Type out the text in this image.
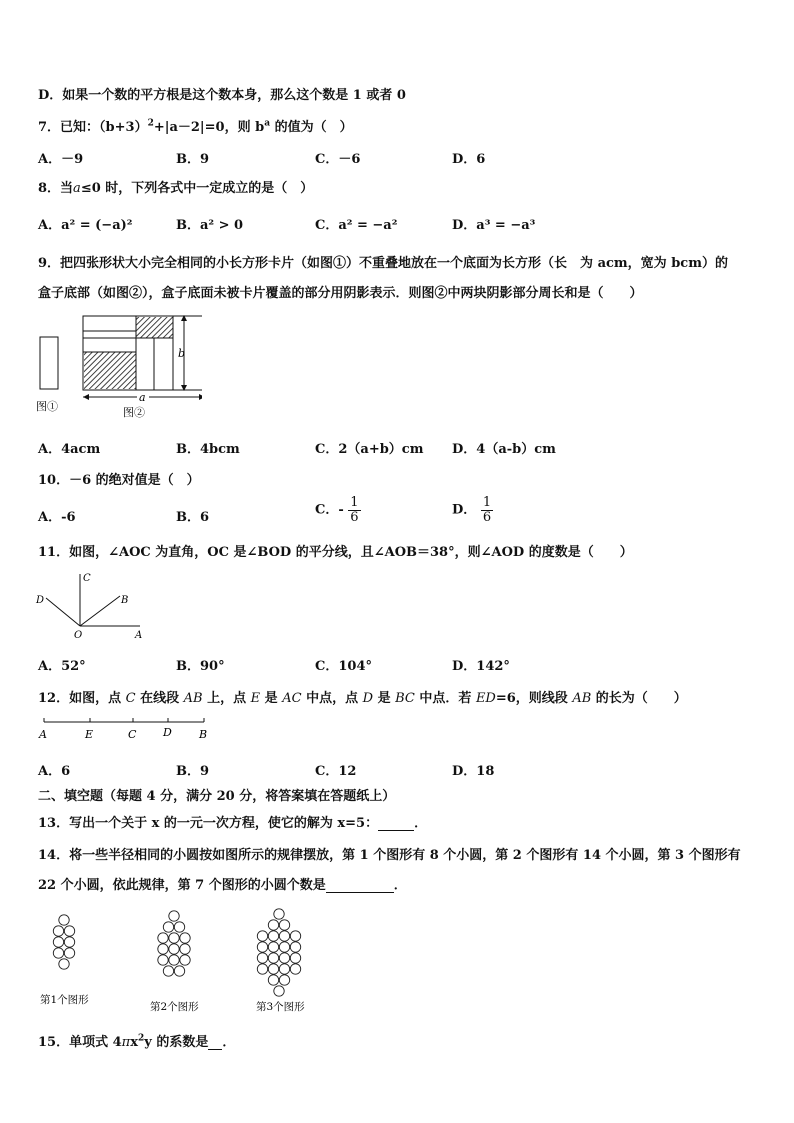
D．如果一个数的平方根是这个数本身，那么这个数是 1 或者 0
7．已知：$(b+3)^2+|a-2|=0$，则 $b^a$ 的值为（　）
A．－9	B．9	C．－6	D．6
8．当a≤0 时，下列各式中一定成立的是（　）
A．a² = (−a)²	B．a² > 0	C．a² = −a²	D．a³ = −a³
9．把四张形状大小完全相同的小长方形卡片（如图①）不重叠地放在一个底面为长方形（长　为 acm，宽为 bcm）的
盒子底部（如图②），盒子底面未被卡片覆盖的部分用阴影表示．则图②中两块阴影部分周长和是（　　）
b
a
图①	图②
A．4acm	B．4bcm	C．2（a+b）cm D．4（a-b）cm
10．－6 的绝对值是（　）
A．-6	B．6	C．- $\frac{1}{6}$	D． $\frac{1}{6}$
11．如图，∠AOC 为直角，OC 是∠BOD 的平分线，且∠AOB＝38°，则∠AOD 的度数是（　　）
C
D	B
O	A
A．52°	B．90°	C．104°	D．142°
12．如图，点 C 在线段 AB 上，点 E 是 AC 中点，点 D 是 BC 中点．若 ED=6，则线段 AB 的长为（　　）
A	E	C D B
A．6	B．9	C．12	D．18
二、填空题（每题 4 分，满分 20 分，将答案填在答题纸上）
13．写出一个关于 x 的一元一次方程，使它的解为 x=5：	．
14．将一些半径相同的小圆按如图所示的规律摆放，第 1 个图形有 8 个小圆，第 2 个图形有 14 个小圆，第 3 个图形有
22 个小圆，依此规律，第 7 个图形的小圆个数是	．
第1个图形
第2个图形	第3个图形
15．单项式 $4\pi x^2y$ 的系数是 ．
